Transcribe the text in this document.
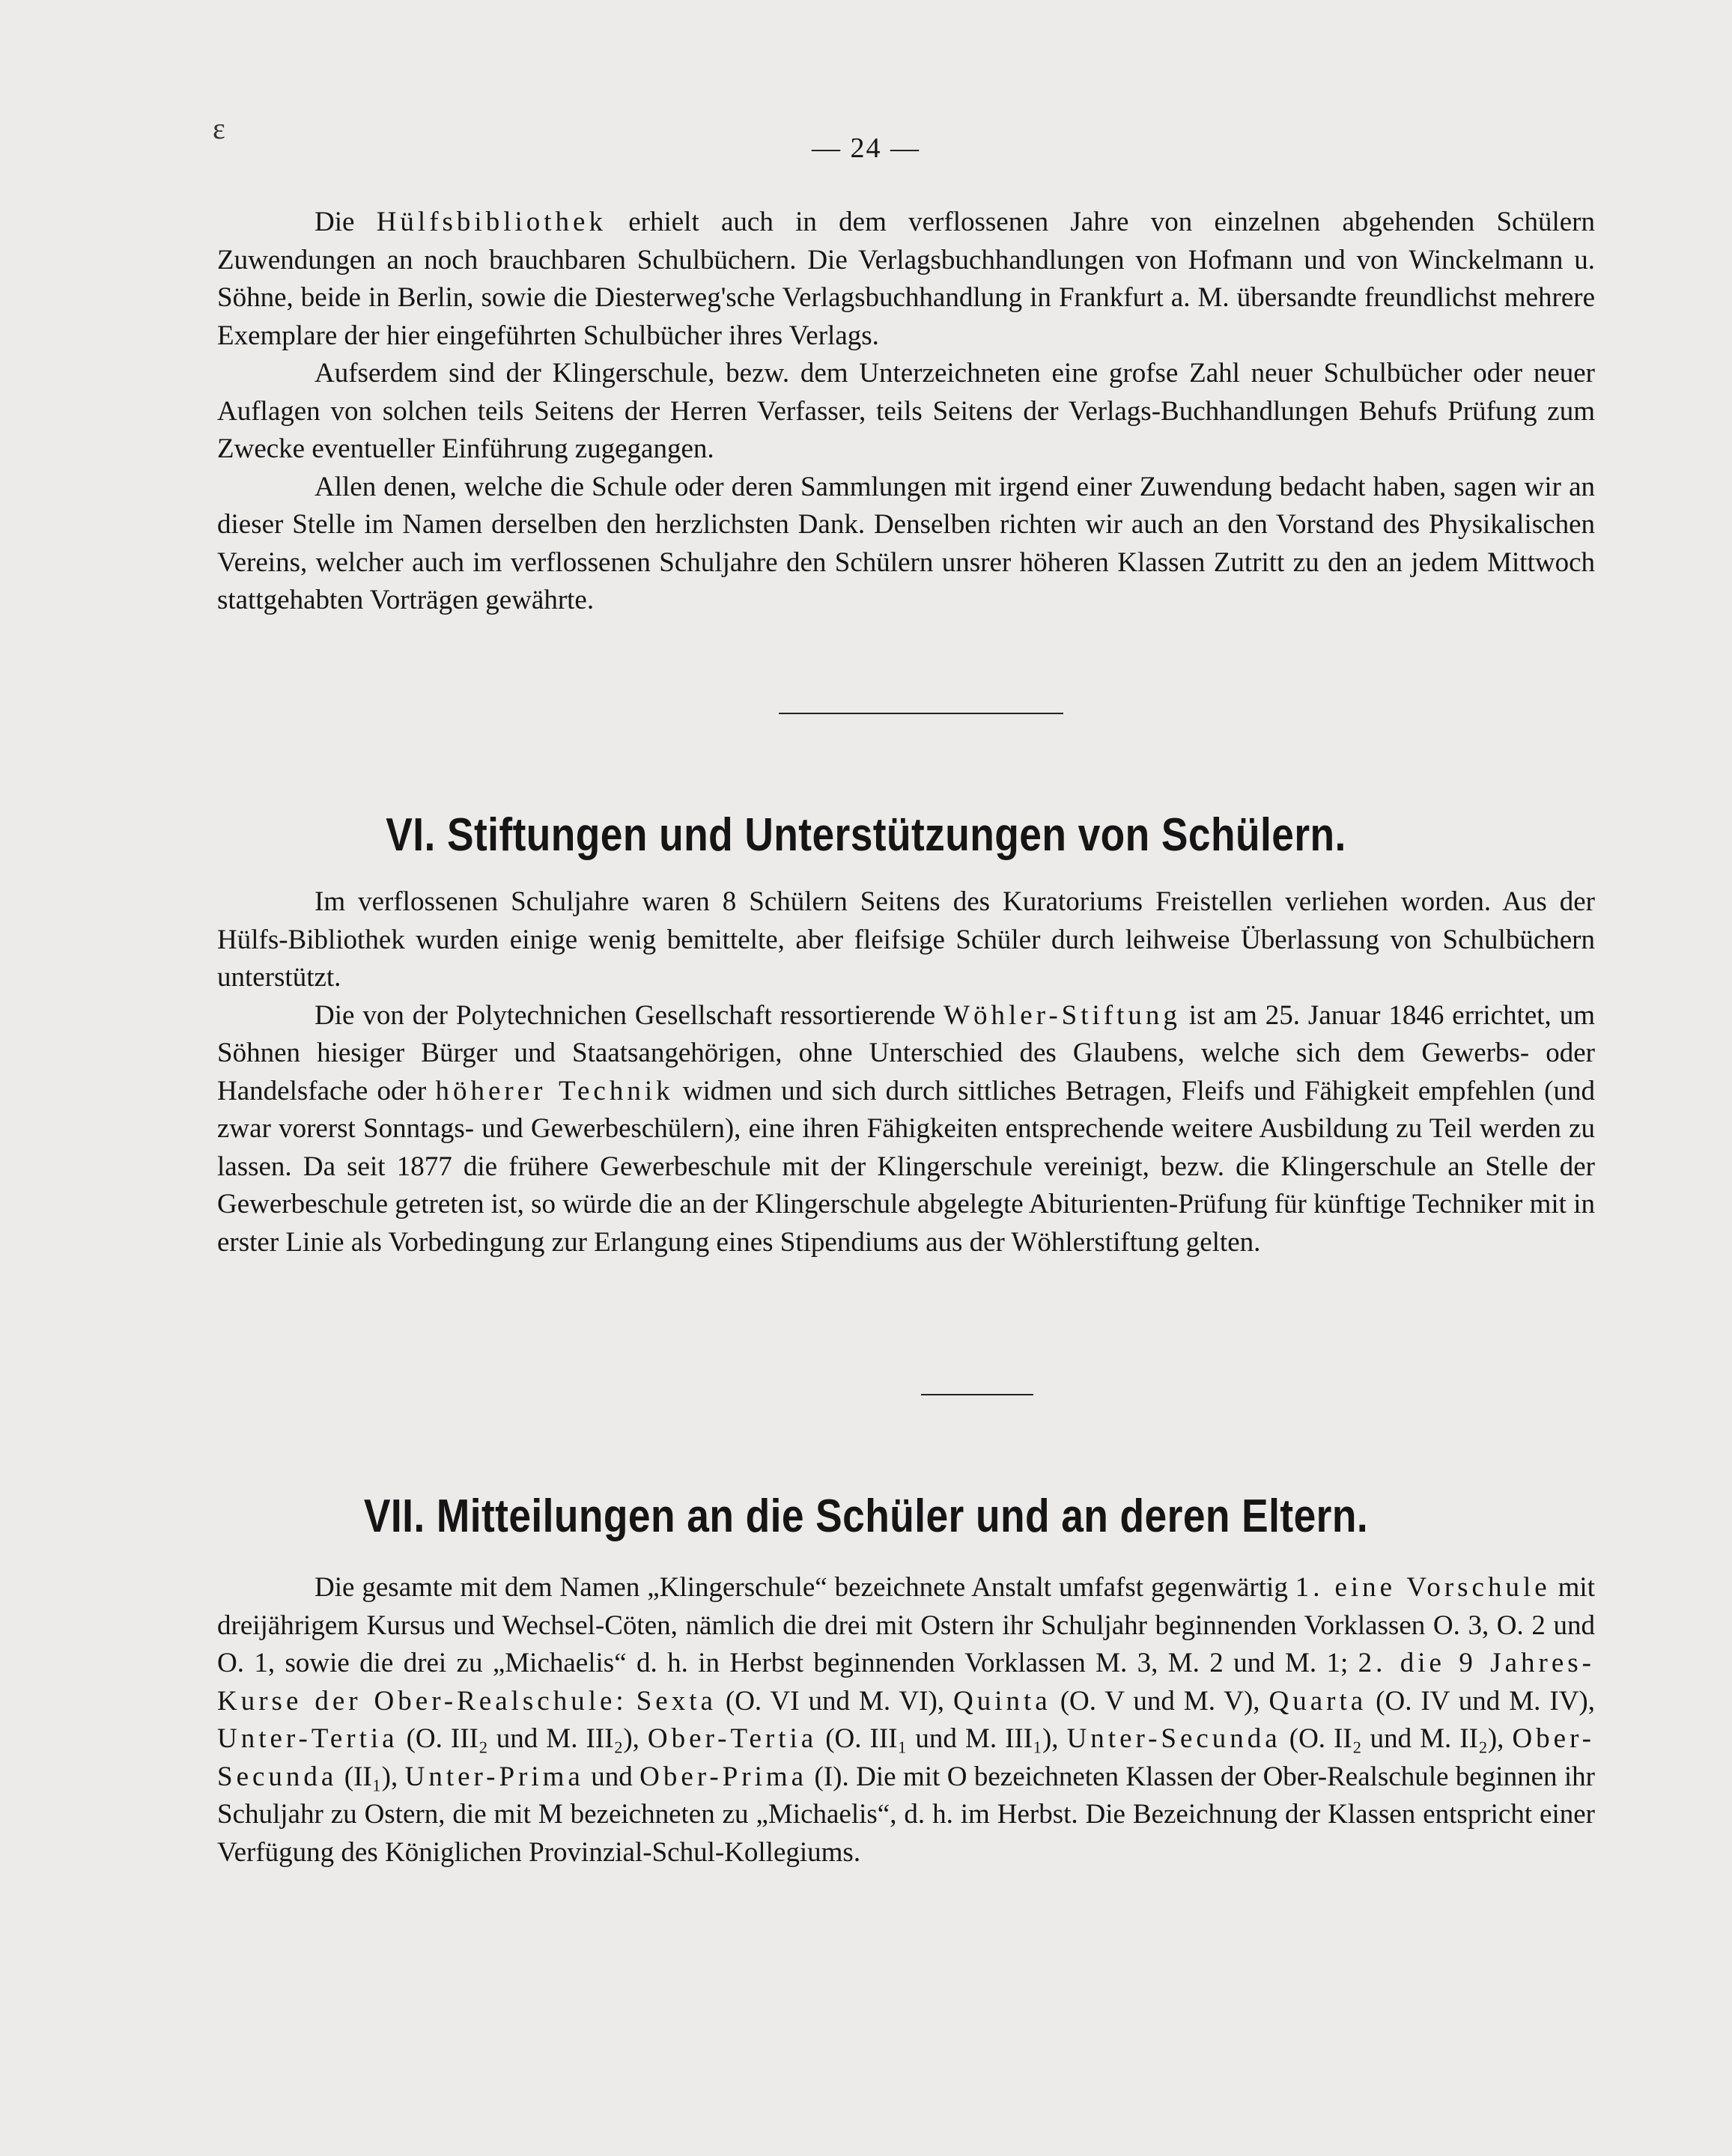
ɛ
— 24 —

Die Hülfsbibliothek erhielt auch in dem verflossenen Jahre von einzelnen abgehenden Schülern Zuwendungen an noch brauchbaren Schulbüchern. Die Verlagsbuchhandlungen von Hofmann und von Winckelmann u. Söhne, beide in Berlin, sowie die Diesterweg'sche Verlagsbuchhandlung in Frankfurt a. M. übersandte freundlichst mehrere Exemplare der hier eingeführten Schulbücher ihres Verlags.

Aufserdem sind der Klingerschule, bezw. dem Unterzeichneten eine grofse Zahl neuer Schulbücher oder neuer Auflagen von solchen teils Seitens der Herren Verfasser, teils Seitens der Verlags-Buchhandlungen Behufs Prüfung zum Zwecke eventueller Einführung zugegangen.

Allen denen, welche die Schule oder deren Sammlungen mit irgend einer Zuwendung bedacht haben, sagen wir an dieser Stelle im Namen derselben den herzlichsten Dank. Denselben richten wir auch an den Vorstand des Physikalischen Vereins, welcher auch im verflossenen Schuljahre den Schülern unsrer höheren Klassen Zutritt zu den an jedem Mittwoch stattgehabten Vorträgen gewährte.

VI. Stiftungen und Unterstützungen von Schülern.

Im verflossenen Schuljahre waren 8 Schülern Seitens des Kuratoriums Freistellen verliehen worden. Aus der Hülfs-Bibliothek wurden einige wenig bemittelte, aber fleifsige Schüler durch leihweise Überlassung von Schulbüchern unterstützt.

Die von der Polytechnichen Gesellschaft ressortierende Wöhler-Stiftung ist am 25. Januar 1846 errichtet, um Söhnen hiesiger Bürger und Staatsangehörigen, ohne Unterschied des Glaubens, welche sich dem Gewerbs- oder Handelsfache oder höherer Technik widmen und sich durch sittliches Betragen, Fleifs und Fähigkeit empfehlen (und zwar vorerst Sonntags- und Gewerbeschülern), eine ihren Fähigkeiten entsprechende weitere Ausbildung zu Teil werden zu lassen. Da seit 1877 die frühere Gewerbeschule mit der Klingerschule vereinigt, bezw. die Klingerschule an Stelle der Gewerbeschule getreten ist, so würde die an der Klingerschule abgelegte Abiturienten-Prüfung für künftige Techniker mit in erster Linie als Vorbedingung zur Erlangung eines Stipendiums aus der Wöhlerstiftung gelten.

VII. Mitteilungen an die Schüler und an deren Eltern.

Die gesamte mit dem Namen „Klingerschule“ bezeichnete Anstalt umfafst gegenwärtig 1. eine Vorschule mit dreijährigem Kursus und Wechsel-Cöten, nämlich die drei mit Ostern ihr Schuljahr beginnenden Vorklassen O. 3, O. 2 und O. 1, sowie die drei zu „Michaelis“ d. h. in Herbst beginnenden Vorklassen M. 3, M. 2 und M. 1; 2. die 9 Jahres-Kurse der Ober-Realschule: Sexta (O. VI und M. VI), Quinta (O. V und M. V), Quarta (O. IV und M. IV), Unter-Tertia (O. III₂ und M. III₂), Ober-Tertia (O. III₁ und M. III₁), Unter-Secunda (O. II₂ und M. II₂), Ober-Secunda (II₁), Unter-Prima und Ober-Prima (I). Die mit O bezeichneten Klassen der Ober-Realschule beginnen ihr Schuljahr zu Ostern, die mit M bezeichneten zu „Michaelis“, d. h. im Herbst. Die Bezeichnung der Klassen entspricht einer Verfügung des Königlichen Provinzial-Schul-Kollegiums.
